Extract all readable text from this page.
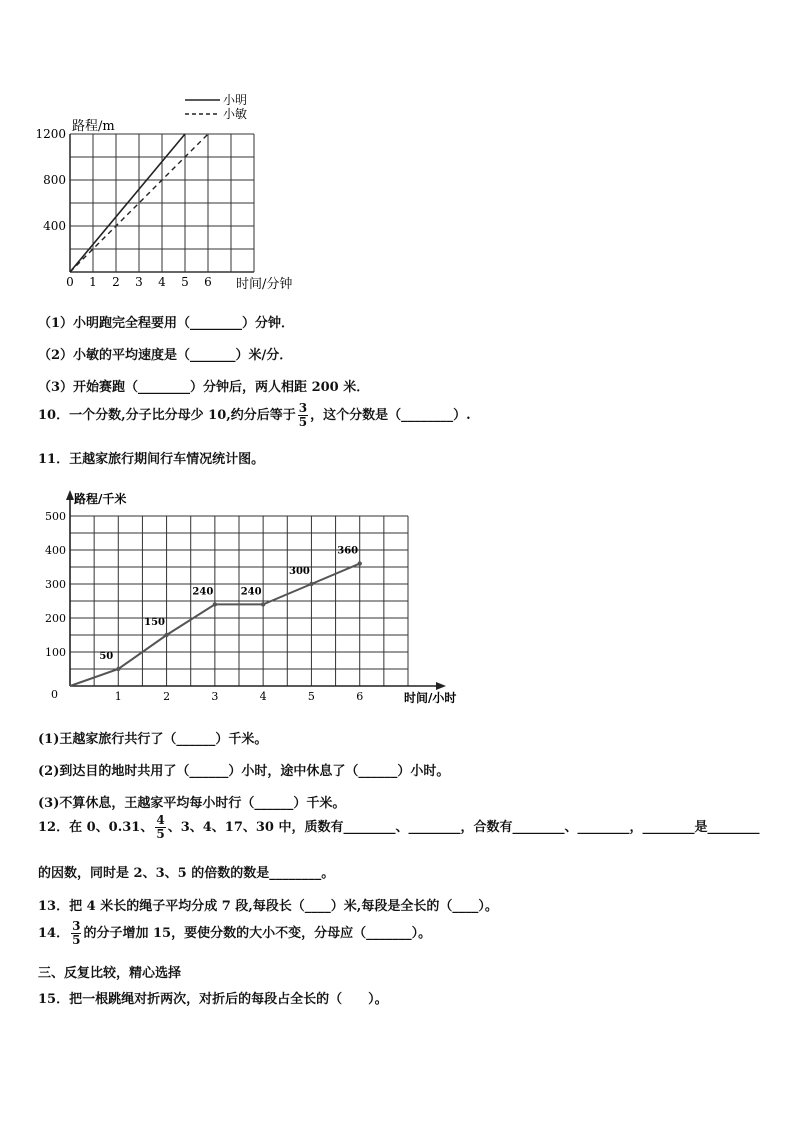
400
800
1200
0 1 2 3 4 5 6
路程/m
时间/分钟
小明
小敏
（1）小明跑完全程要用（________）分钟．
（2）小敏的平均速度是（_______）米/分．
（3）开始赛跑（________）分钟后，两人相距 200 米．
10．一个分数,分子比分母少 10,约分后等于 $\frac{3}{5}$ ，这个分数是（________）.
11．王越家旅行期间行车情况统计图。
0
100
200
300
400
500
1	2	3	4	5	6
50
150
240	240
300
360
路程/千米
时间/小时
(1)王越家旅行共行了（______）千米。
(2)到达目的地时共用了（______）小时，途中休息了（______）小时。
(3)不算休息，王越家平均每小时行（______）千米。
12．在 0、0.31、 $\frac{4}{5}$ 、3、4、17、30 中，质数有________、________，合数有________、________，________是________
的因数，同时是 2、3、5 的倍数的数是________。
13．把 4 米长的绳子平均分成 7 段,每段长（____）米,每段是全长的（____）。
14． $\frac{3}{5}$ 的分子增加 15，要使分数的大小不变，分母应（_______）。
三、反复比较，精心选择
15．把一根跳绳对折两次，对折后的每段占全长的（　　）。
